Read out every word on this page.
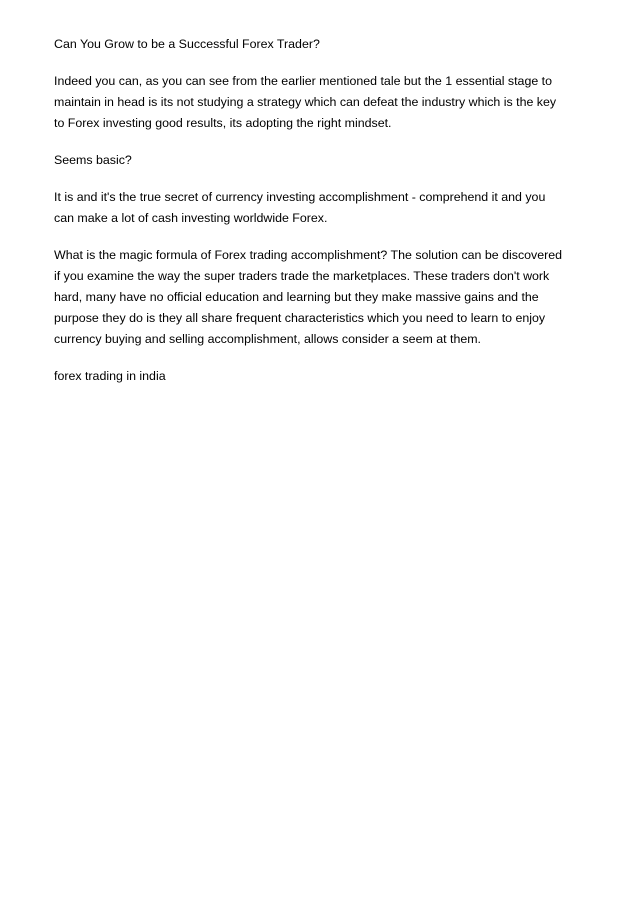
Can You Grow to be a Successful Forex Trader?

Indeed you can, as you can see from the earlier mentioned tale but the 1 essential stage to
maintain in head is its not studying a strategy which can defeat the industry which is the key
to Forex investing good results, its adopting the right mindset.

Seems basic?

It is and it's the true secret of currency investing accomplishment - comprehend it and you
can make a lot of cash investing worldwide Forex.

What is the magic formula of Forex trading accomplishment? The solution can be discovered
if you examine the way the super traders trade the marketplaces. These traders don't work
hard, many have no official education and learning but they make massive gains and the
purpose they do is they all share frequent characteristics which you need to learn to enjoy
currency buying and selling accomplishment, allows consider a seem at them.

forex trading in india
